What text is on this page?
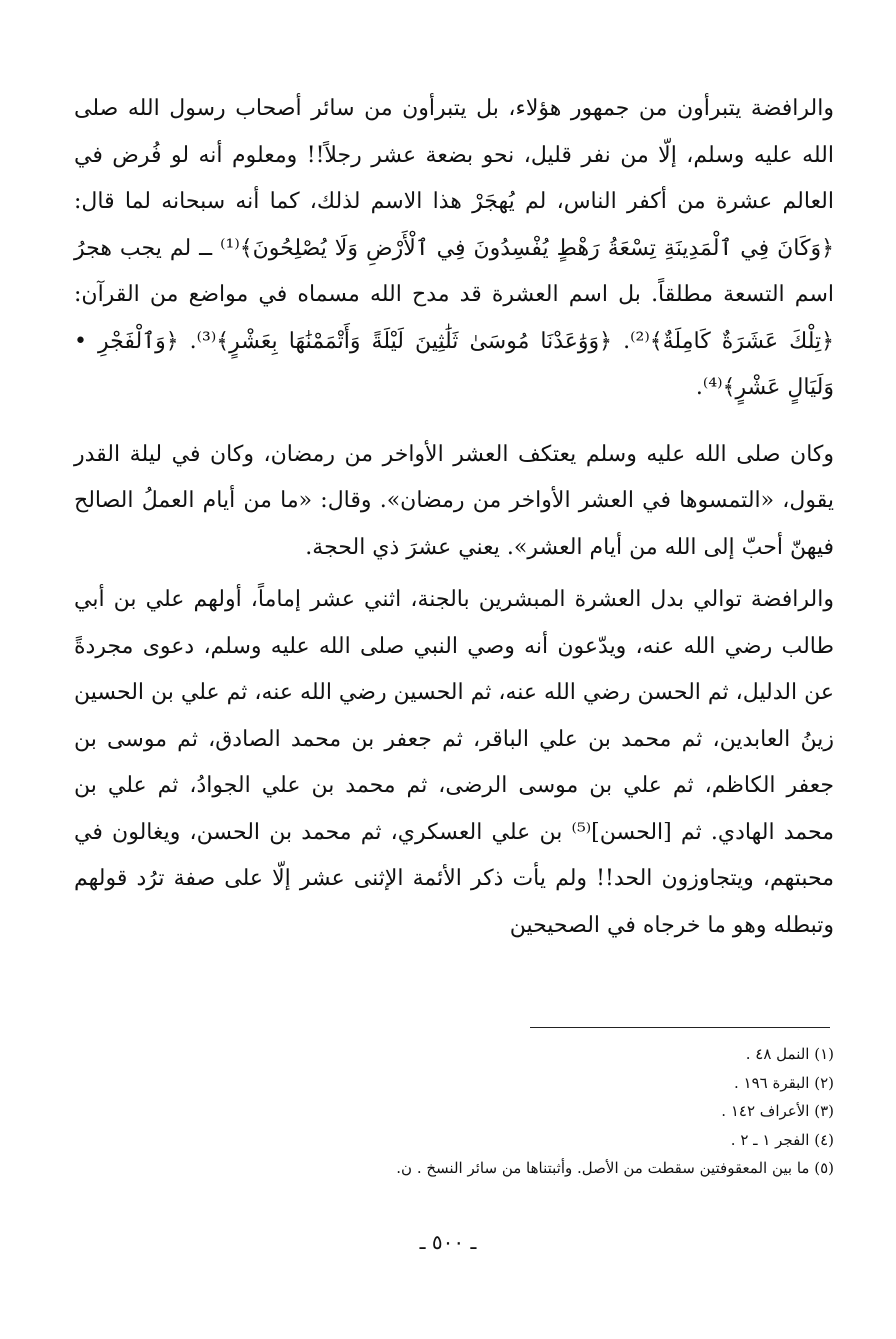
والرافضة يتبرأون من جمهور هؤلاء، بل يتبرأون من سائر أصحاب رسول الله صلى الله عليه وسلم، إلّا من نفر قليل، نحو بضعة عشر رجلاً!! ومعلوم أنه لو فُرض في العالم عشرة من أكفر الناس، لم يُهجَرْ هذا الاسم لذلك، كما أنه سبحانه لما قال: ﴿وَكَانَ فِي ٱلْمَدِينَةِ تِسْعَةُ رَهْطٍ يُفْسِدُونَ فِي ٱلْأَرْضِ وَلَا يُصْلِحُونَ﴾⁽¹⁾ ــ لم يجب هجرُ اسم التسعة مطلقاً. بل اسم العشرة قد مدح الله مسماه في مواضع من القرآن: ﴿تِلْكَ عَشَرَةٌ كَامِلَةٌ﴾⁽²⁾. ﴿وَوَٰعَدْنَا مُوسَىٰ ثَلَٰثِينَ لَيْلَةً وَأَتْمَمْنَٰهَا بِعَشْرٍ﴾⁽³⁾. ﴿وَٱلْفَجْرِ • وَلَيَالٍ عَشْرٍ﴾⁽⁴⁾.

وكان صلى الله عليه وسلم يعتكف العشر الأواخر من رمضان، وكان في ليلة القدر يقول، «التمسوها في العشر الأواخر من رمضان». وقال: «ما من أيام العملُ الصالح فيهنّ أحبّ إلى الله من أيام العشر». يعني عشرَ ذي الحجة.

والرافضة توالي بدل العشرة المبشرين بالجنة، اثني عشر إماماً، أولهم علي بن أبي طالب رضي الله عنه، ويدّعون أنه وصي النبي صلى الله عليه وسلم، دعوى مجردةً عن الدليل، ثم الحسن رضي الله عنه، ثم الحسين رضي الله عنه، ثم علي بن الحسين زينُ العابدين، ثم محمد بن علي الباقر، ثم جعفر بن محمد الصادق، ثم موسى بن جعفر الكاظم، ثم علي بن موسى الرضى، ثم محمد بن علي الجوادُ، ثم علي بن محمد الهادي. ثم [الحسن]⁽⁵⁾ بن علي العسكري، ثم محمد بن الحسن، ويغالون في محبتهم، ويتجاوزون الحد!! ولم يأت ذكر الأئمة الإثنى عشر إلّا على صفة ترُد قولهم وتبطله وهو ما خرجاه في الصحيحين

(١) النمل ٤٨ .
(٢) البقرة ١٩٦ .
(٣) الأعراف ١٤٢ .
(٤) الفجر ١ ـ ٢ .
(٥) ما بين المعقوفتين سقطت من الأصل. وأثبتناها من سائر النسخ . ن.
ـ ٥٠٠ ـ
